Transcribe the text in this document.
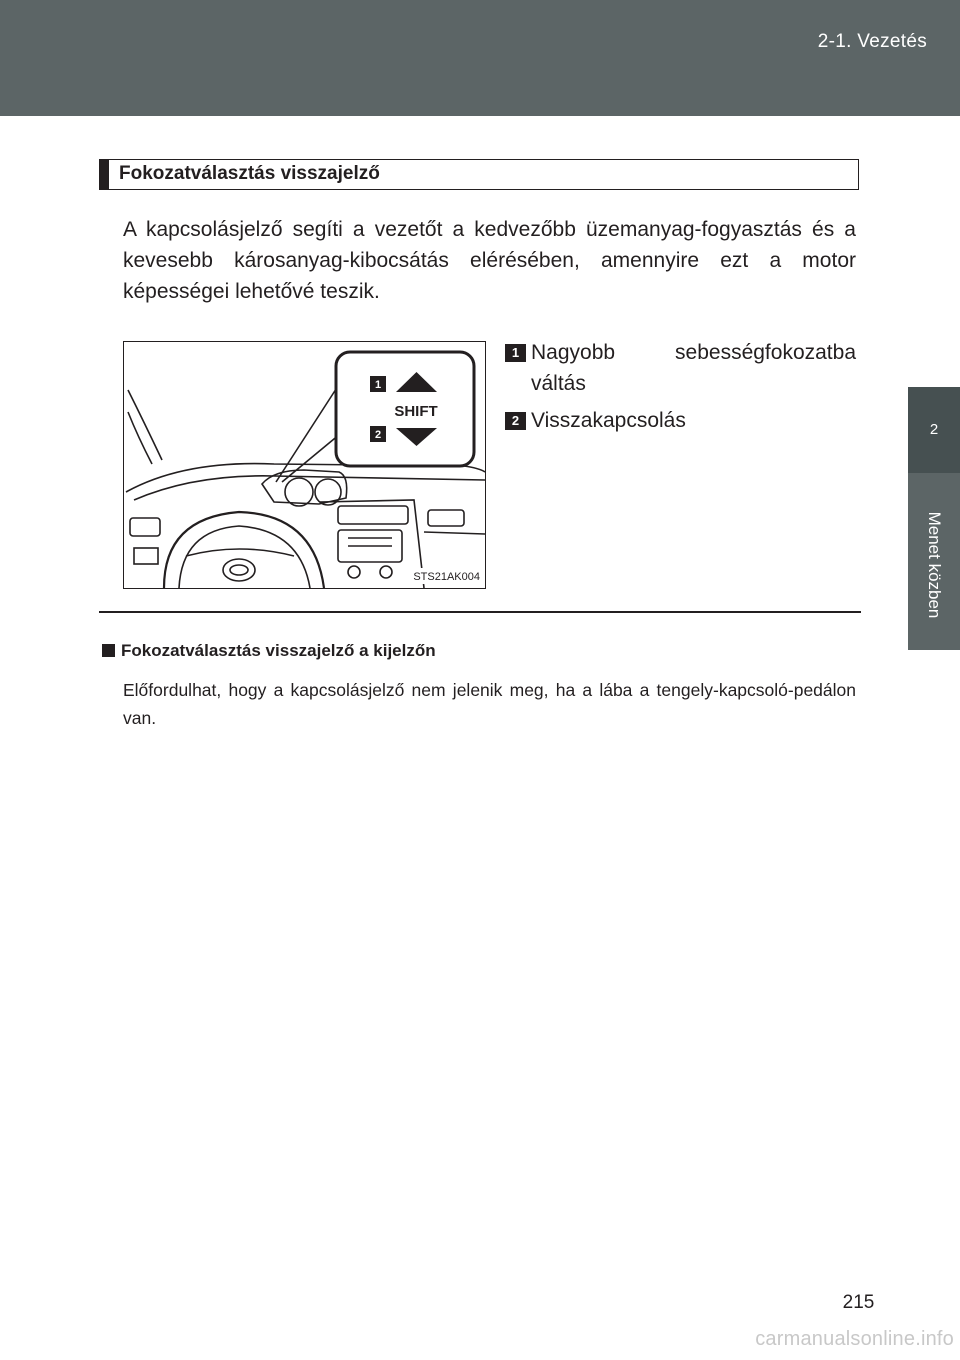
2-1. Vezetés
2
Menet közben
Fokozatválasztás visszajelző
A kapcsolásjelző segíti a vezetőt a kedvezőbb üzemanyag-fogyasztás és a kevesebb károsanyag-kibocsátás elérésében, amennyire ezt a motor képességei lehetővé teszik.
1
SHIFT
2
STS21AK004
1 Nagyobb sebességfokozatba
váltás
2 Visszakapcsolás
Fokozatválasztás visszajelző a kijelzőn
Előfordulhat, hogy a kapcsolásjelző nem jelenik meg, ha a lába a tengely-kapcsoló-pedálon van.
215
carmanualsonline.info
